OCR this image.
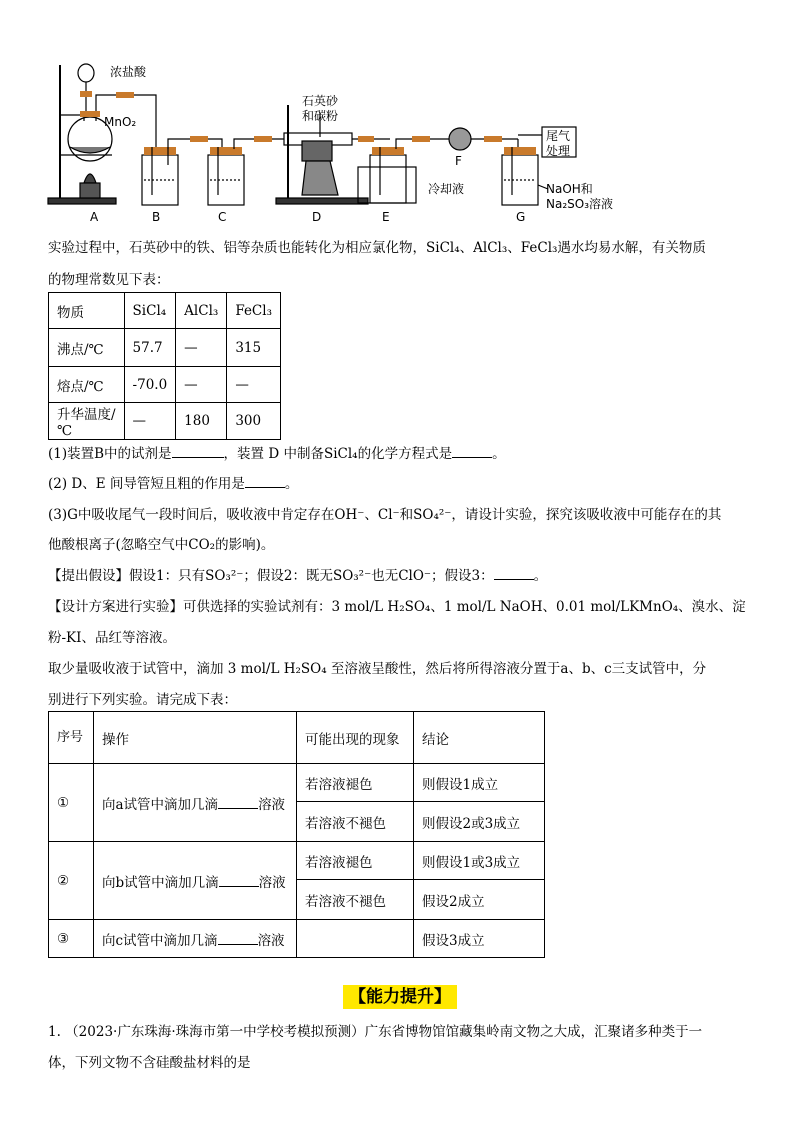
浓盐酸
MnO₂
石英砂
和碳粉
F
尾气
处理
冷却液	NaOH和
Na₂SO₃溶液
A	B	C	D	E	G
实验过程中，石英砂中的铁、铝等杂质也能转化为相应氯化物，SiCl₄、AlCl₃、FeCl₃遇水均易水解，有关物质
的物理常数见下表：
物质	SiCl₄	AlCl₃	FeCl₃
沸点/℃	57.7	—	315
熔点/℃	-70.0	—	—
升华温度/℃	—	180	300
(1)装置B中的试剂是	，装置 D 中制备SiCl₄的化学方程式是	。
(2) D、E 间导管短且粗的作用是	。
(3)G中吸收尾气一段时间后，吸收液中肯定存在OH⁻、Cl⁻和SO₄²⁻，请设计实验，探究该吸收液中可能存在的其
他酸根离子(忽略空气中CO₂的影响)。
【提出假设】假设1：只有SO₃²⁻；假设2：既无SO₃²⁻也无ClO⁻；假设3：	。
【设计方案进行实验】可供选择的实验试剂有：3 mol/L H₂SO₄、1 mol/L NaOH、0.01 mol/LKMnO₄、溴水、淀
粉-KI、品红等溶液。
取少量吸收液于试管中，滴加 3 mol/L H₂SO₄ 至溶液呈酸性，然后将所得溶液分置于a、b、c三支试管中，分
别进行下列实验。请完成下表：
序号	操作	可能出现的现象	结论
①	向a试管中滴加几滴 溶液	若溶液褪色	则假设1成立
		若溶液不褪色	则假设2或3成立
②	向b试管中滴加几滴 溶液	若溶液褪色	则假设1或3成立
		若溶液不褪色	假设2成立
③	向c试管中滴加几滴 溶液		假设3成立
【能力提升】
1. （2023·广东珠海·珠海市第一中学校考模拟预测）广东省博物馆馆藏集岭南文物之大成，汇聚诸多种类于一
体，下列文物不含硅酸盐材料的是
